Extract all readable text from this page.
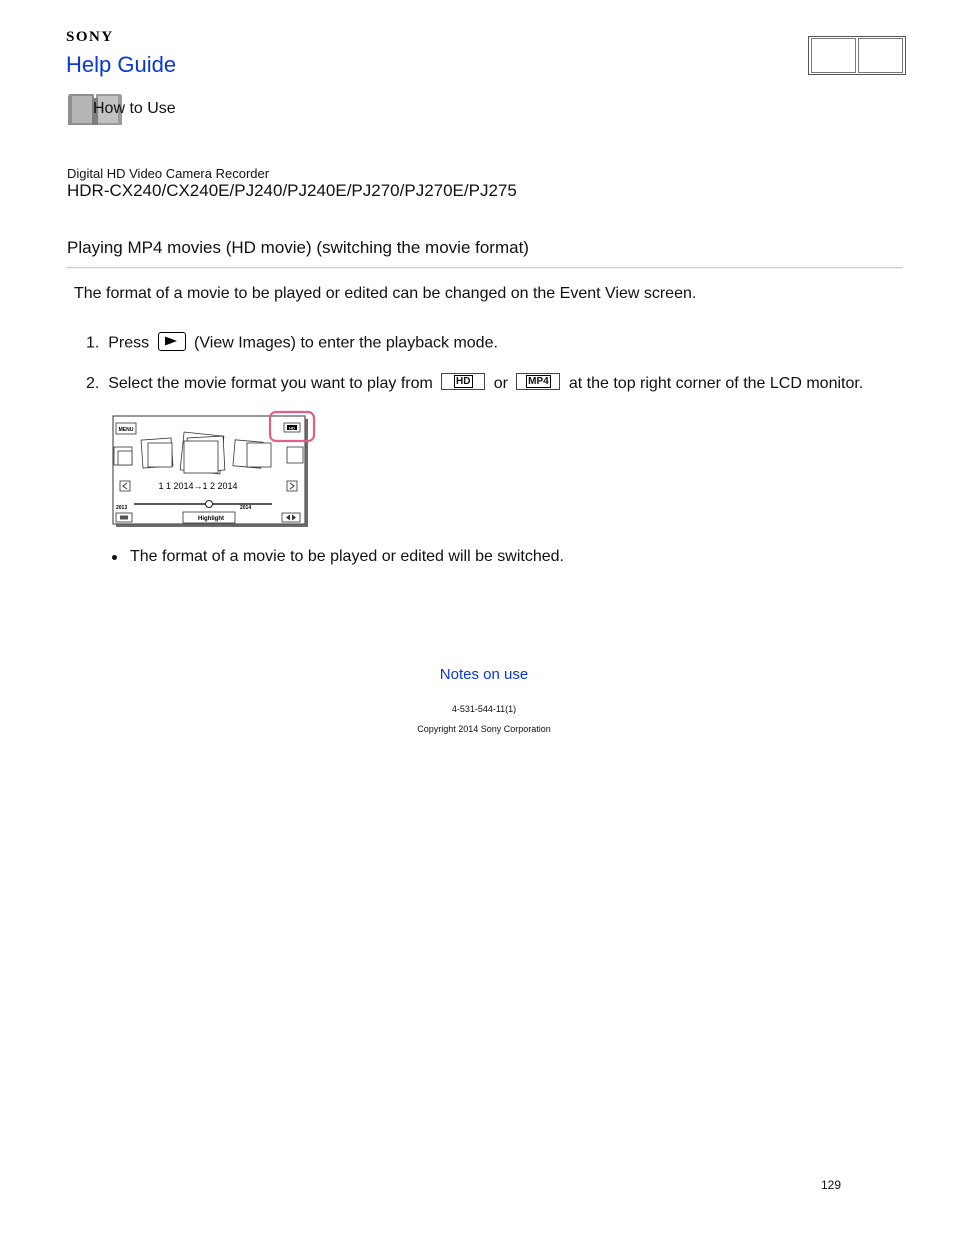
SONY
Help Guide
How to Use
Digital HD Video Camera Recorder
HDR-CX240/CX240E/PJ240/PJ240E/PJ270/PJ270E/PJ275
Playing MP4 movies (HD movie) (switching the movie format)
The format of a movie to be played or edited can be changed on the Event View screen.
1. Press	(View Images) to enter the playback mode.
2. Select the movie format you want to play from HD or MP4 at the top right corner of the LCD monitor.
MENU	HD
1 1 2014→1 2 2014
2013	2014
Highlight
The format of a movie to be played or edited will be switched.
Notes on use
4-531-544-11(1)
Copyright 2014 Sony Corporation
129
